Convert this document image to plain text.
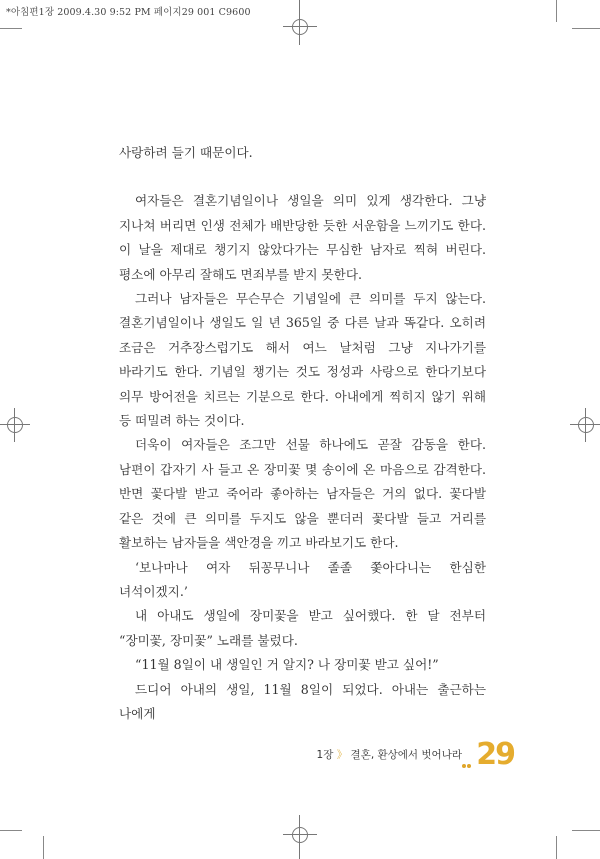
*아침편1장 2009.4.30 9:52 PM 페이지29 001 C9600

사랑하려 들기 때문이다.

여자들은 결혼기념일이나 생일을 의미 있게 생각한다. 그냥 지나쳐 버리면 인생 전체가 배반당한 듯한 서운함을 느끼기도 한다. 이 날을 제대로 챙기지 않았다가는 무심한 남자로 찍혀 버린다. 평소에 아무리 잘해도 면죄부를 받지 못한다.

그러나 남자들은 무슨무슨 기념일에 큰 의미를 두지 않는다. 결혼기념일이나 생일도 일 년 365일 중 다른 날과 똑같다. 오히려 조금은 거추장스럽기도 해서 여느 날처럼 그냥 지나가기를 바라기도 한다. 기념일 챙기는 것도 정성과 사랑으로 한다기보다 의무 방어전을 치르는 기분으로 한다. 아내에게 찍히지 않기 위해 등 떠밀려 하는 것이다.

더욱이 여자들은 조그만 선물 하나에도 곧잘 감동을 한다. 남편이 갑자기 사 들고 온 장미꽃 몇 송이에 온 마음으로 감격한다. 반면 꽃다발 받고 죽어라 좋아하는 남자들은 거의 없다. 꽃다발 같은 것에 큰 의미를 두지도 않을 뿐더러 꽃다발 들고 거리를 활보하는 남자들을 색안경을 끼고 바라보기도 한다.

‘보나마나 여자 뒤꽁무니나 졸졸 쫓아다니는 한심한 녀석이겠지.’

내 아내도 생일에 장미꽃을 받고 싶어했다. 한 달 전부터 “장미꽃, 장미꽃” 노래를 불렀다.

“11월 8일이 내 생일인 거 알지? 나 장미꽃 받고 싶어!”

드디어 아내의 생일, 11월 8일이 되었다. 아내는 출근하는 나에게

1장 》 결혼, 환상에서 벗어나라 29
